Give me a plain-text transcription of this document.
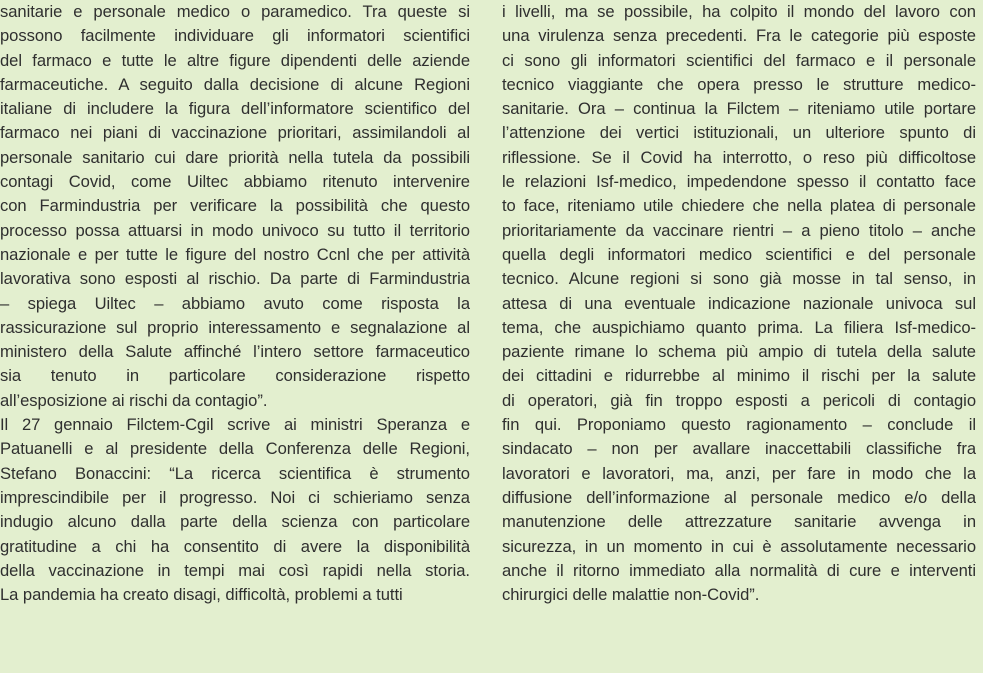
sanitarie e personale medico o paramedico. Tra queste si
possono facilmente individuare gli informatori scientifici
del farmaco e tutte le altre figure dipendenti delle aziende
farmaceutiche. A seguito dalla decisione di alcune Regioni
italiane di includere la figura dell’informatore scientifico del
farmaco nei piani di vaccinazione prioritari, assimilandoli al
personale sanitario cui dare priorità nella tutela da possibili
contagi Covid, come Uiltec abbiamo ritenuto intervenire
con Farmindustria per verificare la possibilità che questo
processo possa attuarsi in modo univoco su tutto il territorio
nazionale e per tutte le figure del nostro Ccnl che per attività
lavorativa sono esposti al rischio. Da parte di Farmindustria
– spiega Uiltec – abbiamo avuto come risposta la
rassicurazione sul proprio interessamento e segnalazione al
ministero della Salute affinché l’intero settore farmaceutico
sia tenuto in particolare considerazione rispetto
all’esposizione ai rischi da contagio”.
Il 27 gennaio Filctem-Cgil scrive ai ministri Speranza e
Patuanelli e al presidente della Conferenza delle Regioni,
Stefano Bonaccini: “La ricerca scientifica è strumento
imprescindibile per il progresso. Noi ci schieriamo senza
indugio alcuno dalla parte della scienza con particolare
gratitudine a chi ha consentito di avere la disponibilità
della vaccinazione in tempi mai così rapidi nella storia.
La pandemia ha creato disagi, difficoltà, problemi a tutti
i livelli, ma se possibile, ha colpito il mondo del lavoro con
una virulenza senza precedenti. Fra le categorie più esposte
ci sono gli informatori scientifici del farmaco e il personale
tecnico viaggiante che opera presso le strutture medico-
sanitarie. Ora – continua la Filctem – riteniamo utile portare
l’attenzione dei vertici istituzionali, un ulteriore spunto di
riflessione. Se il Covid ha interrotto, o reso più difficoltose
le relazioni Isf-medico, impedendone spesso il contatto face
to face, riteniamo utile chiedere che nella platea di personale
prioritariamente da vaccinare rientri – a pieno titolo – anche
quella degli informatori medico scientifici e del personale
tecnico. Alcune regioni si sono già mosse in tal senso, in
attesa di una eventuale indicazione nazionale univoca sul
tema, che auspichiamo quanto prima. La filiera Isf-medico-
paziente rimane lo schema più ampio di tutela della salute
dei cittadini e ridurrebbe al minimo il rischi per la salute
di operatori, già fin troppo esposti a pericoli di contagio
fin qui. Proponiamo questo ragionamento – conclude il
sindacato – non per avallare inaccettabili classifiche fra
lavoratori e lavoratori, ma, anzi, per fare in modo che la
diffusione dell’informazione al personale medico e/o della
manutenzione delle attrezzature sanitarie avvenga in
sicurezza, in un momento in cui è assolutamente necessario
anche il ritorno immediato alla normalità di cure e interventi
chirurgici delle malattie non-Covid”.
